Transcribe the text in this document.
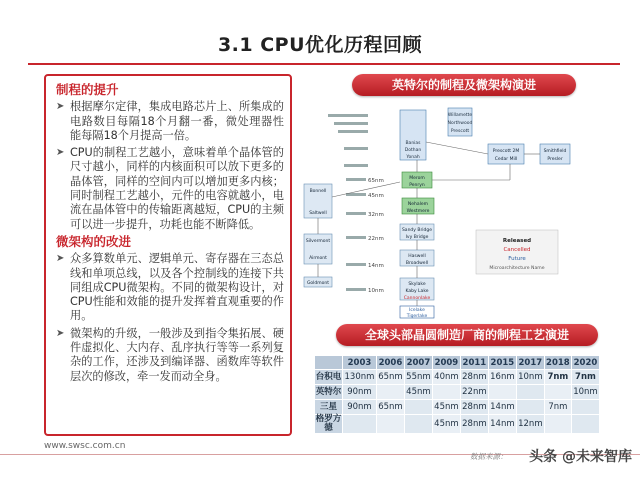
3.1 CPU优化历程回顾
制程的提升
➤ 根据摩尔定律，集成电路芯片上、所集成的电路数目每隔18个月翻一番，微处理器性能每隔18个月提高一倍。
➤ CPU的制程工艺越小，意味着单个晶体管的尺寸越小，同样的内核面积可以放下更多的晶体管，同样的空间内可以增加更多内核；同时制程工艺越小，元件的电容就越小，电流在晶体管中的传输距离越短，CPU的主频可以进一步提升，功耗也能不断降低。
微架构的改进
➤ 众多算数单元、逻辑单元、寄存器在三态总线和单项总线，以及各个控制线的连接下共同组成CPU微架构。不同的微架构设计，对CPU性能和效能的提升发挥着直观重要的作用。
➤ 微架构的升级，一般涉及到指令集拓展、硬件虚拟化、大内存、乱序执行等等一系列复杂的工作，还涉及到编译器、函数库等软件层次的修改，牵一发而动全身。
英特尔的制程及微架构演进
65nm
45nm
32nm
22nm
14nm
10nm
Banias
Dothan
Yonah
Willamette
Northwood
Prescott
Merom
Penryn
Nehalem
Westmere
Sandy Bridge
Ivy Bridge
Haswell
Broadwell
Skylake
Kaby Lake
Cannonlake
Icelake
Tigerlake
Bonnell
Saltwell
Silvermont
Airmont
Goldmont
Prescott 2M
Cedar Mill
Smithfield
Presler
Released
Cancelled
Future
Microarchitecture Name
全球头部晶圆制造厂商的制程工艺演进
	2003	2006	2007	2009	2011	2015	2017	2018	2020
台积电	130nm	65nm	55nm	40nm	28nm	16nm	10nm	7nm	7nm
英特尔	90nm		45nm		22nm				10nm
三星	90nm	65nm		45nm	28nm	14nm		7nm	
格罗方德				45nm	28nm	14nm	12nm		
www.swsc.com.cn
数据来源： 头条 @未来智库
